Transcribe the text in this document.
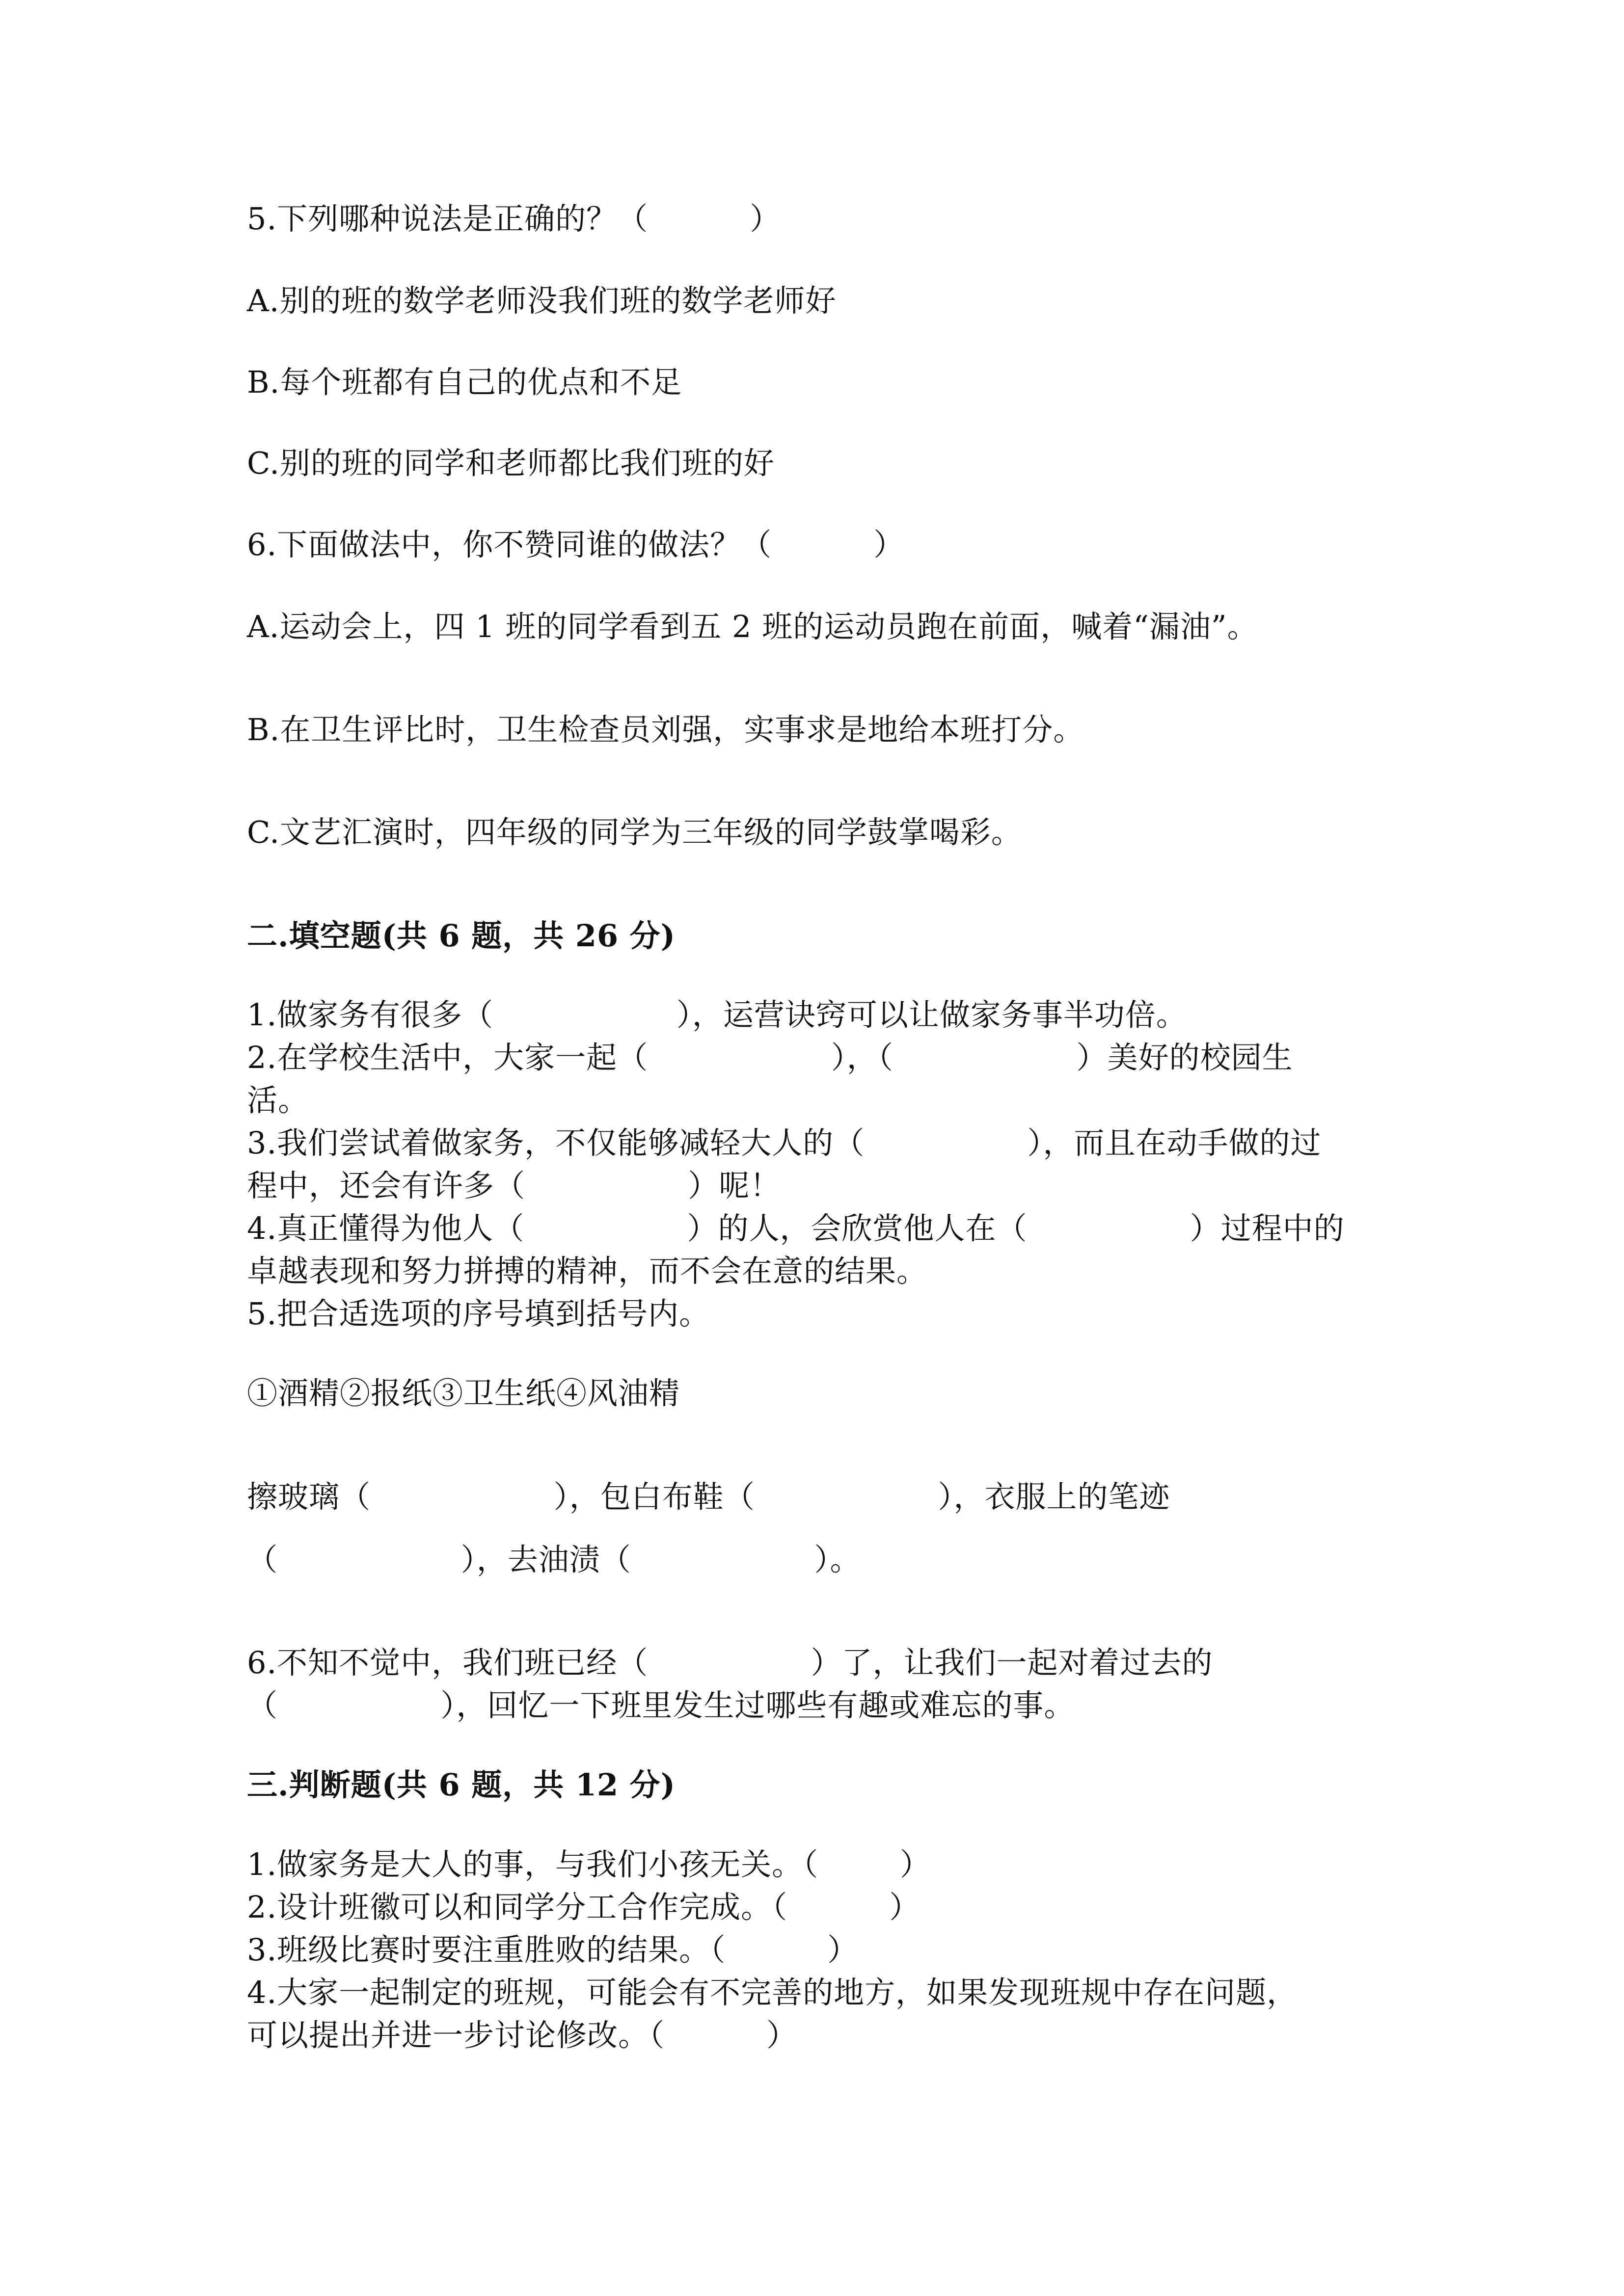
5.下列哪种说法是正确的？（          ）
A.别的班的数学老师没我们班的数学老师好
B.每个班都有自己的优点和不足
C.别的班的同学和老师都比我们班的好
6.下面做法中，你不赞同谁的做法？（          ）
A.运动会上，四 1 班的同学看到五 2 班的运动员跑在前面，喊着“漏油”。
B.在卫生评比时，卫生检查员刘强，实事求是地给本班打分。
C.文艺汇演时，四年级的同学为三年级的同学鼓掌喝彩。
二.填空题(共 6 题，共 26 分)
1.做家务有很多（                  ），运营诀窍可以让做家务事半功倍。
2.在学校生活中，大家一起（                  ），（                  ）美好的校园生
活。
3.我们尝试着做家务，不仅能够减轻大人的（                ），而且在动手做的过
程中，还会有许多（                ）呢！
4.真正懂得为他人（                ）的人，会欣赏他人在（                ）过程中的
卓越表现和努力拼搏的精神，而不会在意的结果。
5.把合适选项的序号填到括号内。
①酒精②报纸③卫生纸④风油精
擦玻璃（                  ），包白布鞋（                  ），衣服上的笔迹
（                  ），去油渍（                  ）。
6.不知不觉中，我们班已经（                ）了，让我们一起对着过去的
（                ），回忆一下班里发生过哪些有趣或难忘的事。
三.判断题(共 6 题，共 12 分)
1.做家务是大人的事，与我们小孩无关。（        ）
2.设计班徽可以和同学分工合作完成。（          ）
3.班级比赛时要注重胜败的结果。（          ）
4.大家一起制定的班规，可能会有不完善的地方，如果发现班规中存在问题，
可以提出并进一步讨论修改。（          ）
